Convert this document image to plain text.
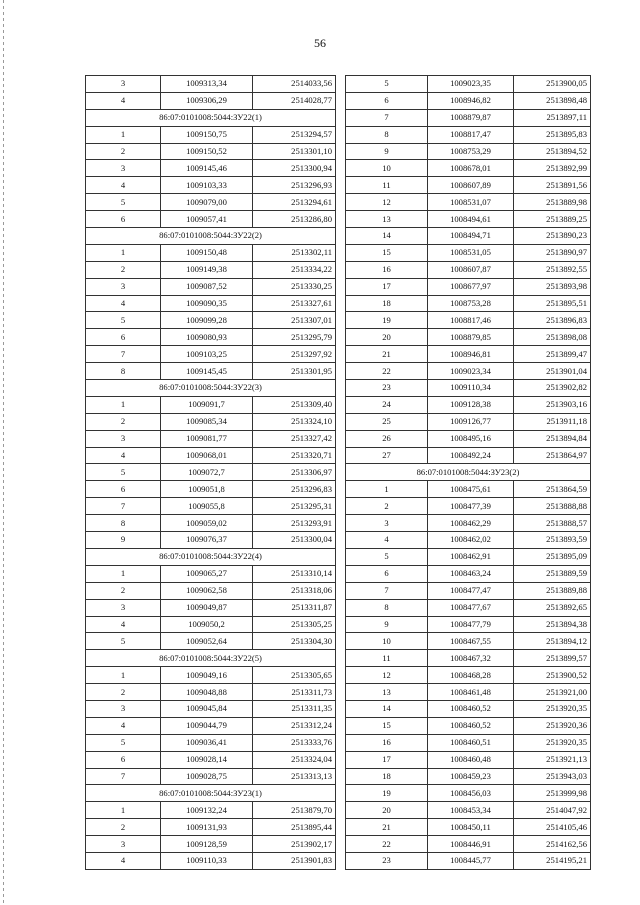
56
3	1009313,34	2514033,56
4	1009306,29	2514028,77
86:07:0101008:5044:ЗУ22(1)		
1	1009150,75	2513294,57
2	1009150,52	2513301,10
3	1009145,46	2513300,94
4	1009103,33	2513296,93
5	1009079,00	2513294,61
6	1009057,41	2513286,80
86:07:0101008:5044:ЗУ22(2)		
1	1009150,48	2513302,11
2	1009149,38	2513334,22
3	1009087,52	2513330,25
4	1009090,35	2513327,61
5	1009099,28	2513307,01
6	1009080,93	2513295,79
7	1009103,25	2513297,92
8	1009145,45	2513301,95
86:07:0101008:5044:ЗУ22(3)		
1	1009091,7	2513309,40
2	1009085,34	2513324,10
3	1009081,77	2513327,42
4	1009068,01	2513320,71
5	1009072,7	2513306,97
6	1009051,8	2513296,83
7	1009055,8	2513295,31
8	1009059,02	2513293,91
9	1009076,37	2513300,04
86:07:0101008:5044:ЗУ22(4)		
1	1009065,27	2513310,14
2	1009062,58	2513318,06
3	1009049,87	2513311,87
4	1009050,2	2513305,25
5	1009052,64	2513304,30
86:07:0101008:5044:ЗУ22(5)		
1	1009049,16	2513305,65
2	1009048,88	2513311,73
3	1009045,84	2513311,35
4	1009044,79	2513312,24
5	1009036,41	2513333,76
6	1009028,14	2513324,04
7	1009028,75	2513313,13
86:07:0101008:5044:ЗУ23(1)		
1	1009132,24	2513879,70
2	1009131,93	2513895,44
3	1009128,59	2513902,17
4	1009110,33	2513901,83
5	1009023,35	2513900,05
6	1008946,82	2513898,48
7	1008879,87	2513897,11
8	1008817,47	2513895,83
9	1008753,29	2513894,52
10	1008678,01	2513892,99
11	1008607,89	2513891,56
12	1008531,07	2513889,98
13	1008494,61	2513889,25
14	1008494,71	2513890,23
15	1008531,05	2513890,97
16	1008607,87	2513892,55
17	1008677,97	2513893,98
18	1008753,28	2513895,51
19	1008817,46	2513896,83
20	1008879,85	2513898,08
21	1008946,81	2513899,47
22	1009023,34	2513901,04
23	1009110,34	2513902,82
24	1009128,38	2513903,16
25	1009126,77	2513911,18
26	1008495,16	2513894,84
27	1008492,24	2513864,97
86:07:0101008:5044:ЗУ23(2)		
1	1008475,61	2513864,59
2	1008477,39	2513888,88
3	1008462,29	2513888,57
4	1008462,02	2513893,59
5	1008462,91	2513895,09
6	1008463,24	2513889,59
7	1008477,47	2513889,88
8	1008477,67	2513892,65
9	1008477,79	2513894,38
10	1008467,55	2513894,12
11	1008467,32	2513899,57
12	1008468,28	2513900,52
13	1008461,48	2513921,00
14	1008460,52	2513920,35
15	1008460,52	2513920,36
16	1008460,51	2513920,35
17	1008460,48	2513921,13
18	1008459,23	2513943,03
19	1008456,03	2513999,98
20	1008453,34	2514047,92
21	1008450,11	2514105,46
22	1008446,91	2514162,56
23	1008445,77	2514195,21
